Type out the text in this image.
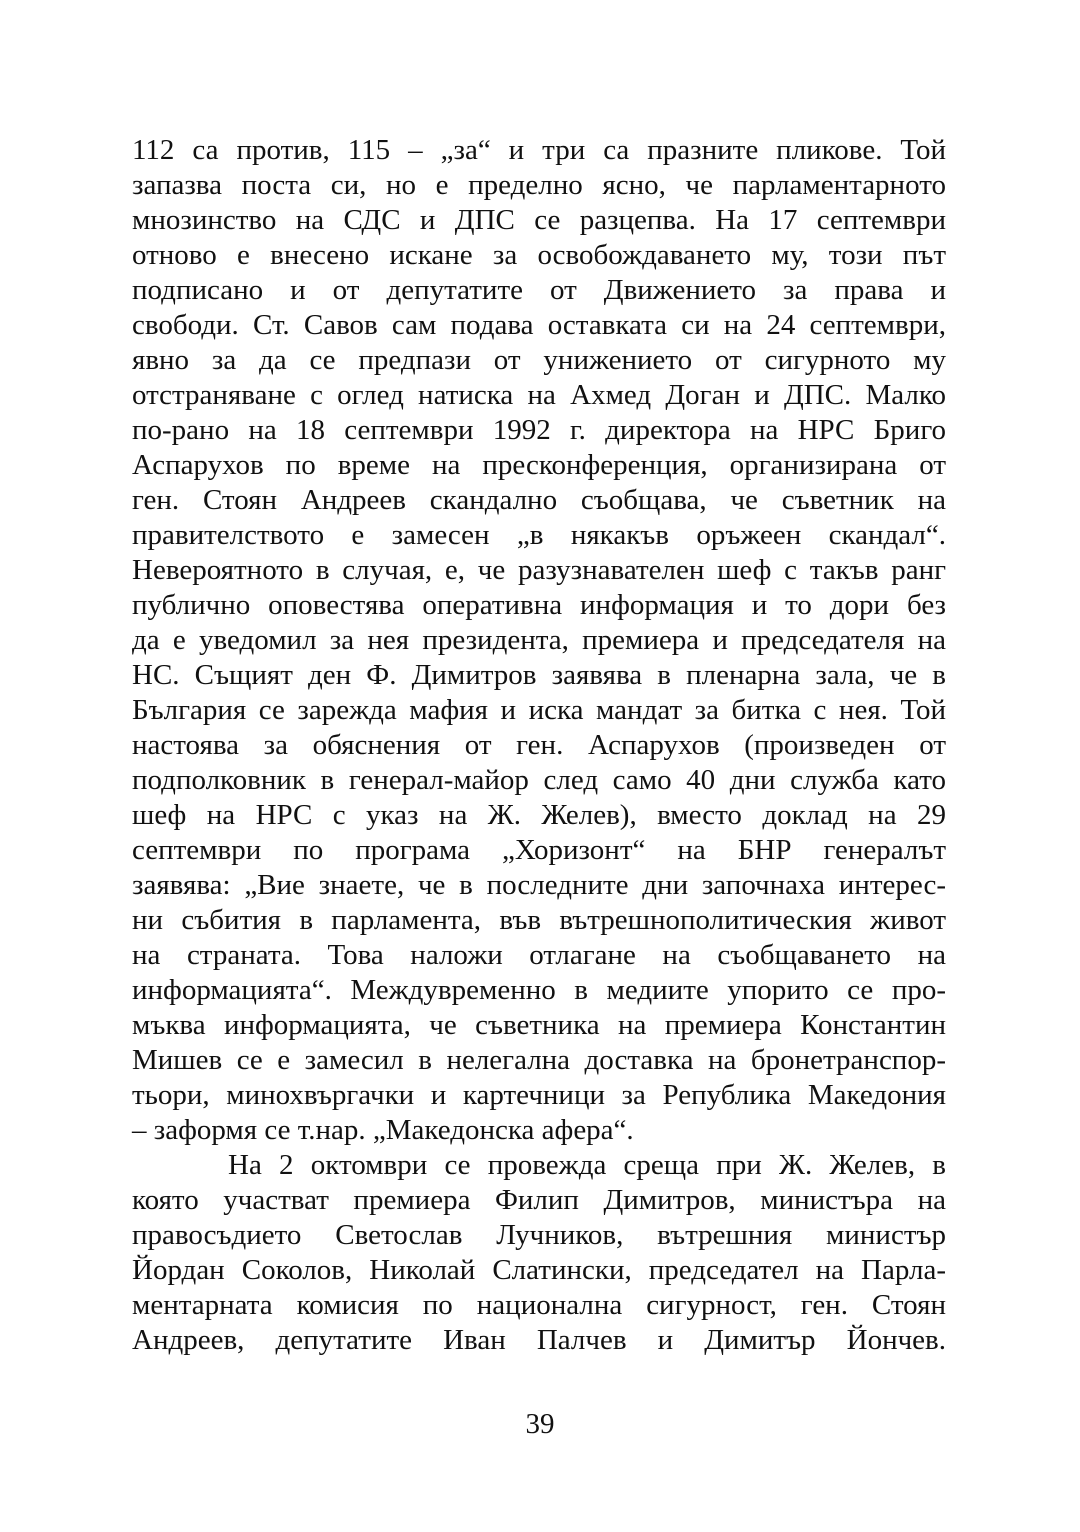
112 са против, 115 – „за“ и три са празните пликове. Той
запазва поста си, но е пределно ясно, че парламентарното
мнозинство на СДС и ДПС се разцепва. На 17 септември
отново е внесено искане за освобождаването му, този път
подписано и от депутатите от Движението за права и
свободи. Ст. Савов сам подава оставката си на 24 септември,
явно за да се предпази от унижението от сигурното му
отстраняване с оглед натиска на Ахмед Доган и ДПС. Малко
по-рано на 18 септември 1992 г. директора на НРС Бриго
Аспарухов по време на пресконференция, организирана от
ген. Стоян Андреев скандално съобщава, че съветник на
правителството е замесен „в някакъв оръжеен скандал“.
Невероятното в случая, е, че разузнавателен шеф с такъв ранг
публично оповестява оперативна информация и то дори без
да е уведомил за нея президента, премиера и председателя на
НС. Същият ден Ф. Димитров заявява в пленарна зала, че в
България се зарежда мафия и иска мандат за битка с нея. Той
настоява за обяснения от ген. Аспарухов (произведен от
подполковник в генерал-майор след само 40 дни служба като
шеф на НРС с указ на Ж. Желев), вместо доклад на 29
септември по програма „Хоризонт“ на БНР генералът
заявява: „Вие знаете, че в последните дни започнаха интерес-
ни събития в парламента, във вътрешнополитическия живот
на страната. Това наложи отлагане на съобщаването на
информацията“. Междувременно в медиите упорито се про-
мъква информацията, че съветника на премиера Константин
Мишев се е замесил в нелегална доставка на бронетранспор-
тьори, минохвъргачки и картечници за Република Македония
– заформя се т.нар. „Македонска афера“.
На 2 октомври се провежда среща при Ж. Желев, в
която участват премиера Филип Димитров, министъра на
правосъдието Светослав Лучников, вътрешния министър
Йордан Соколов, Николай Слатински, председател на Парла-
ментарната комисия по национална сигурност, ген. Стоян
Андреев, депутатите Иван Палчев и Димитър Йончев.
39
